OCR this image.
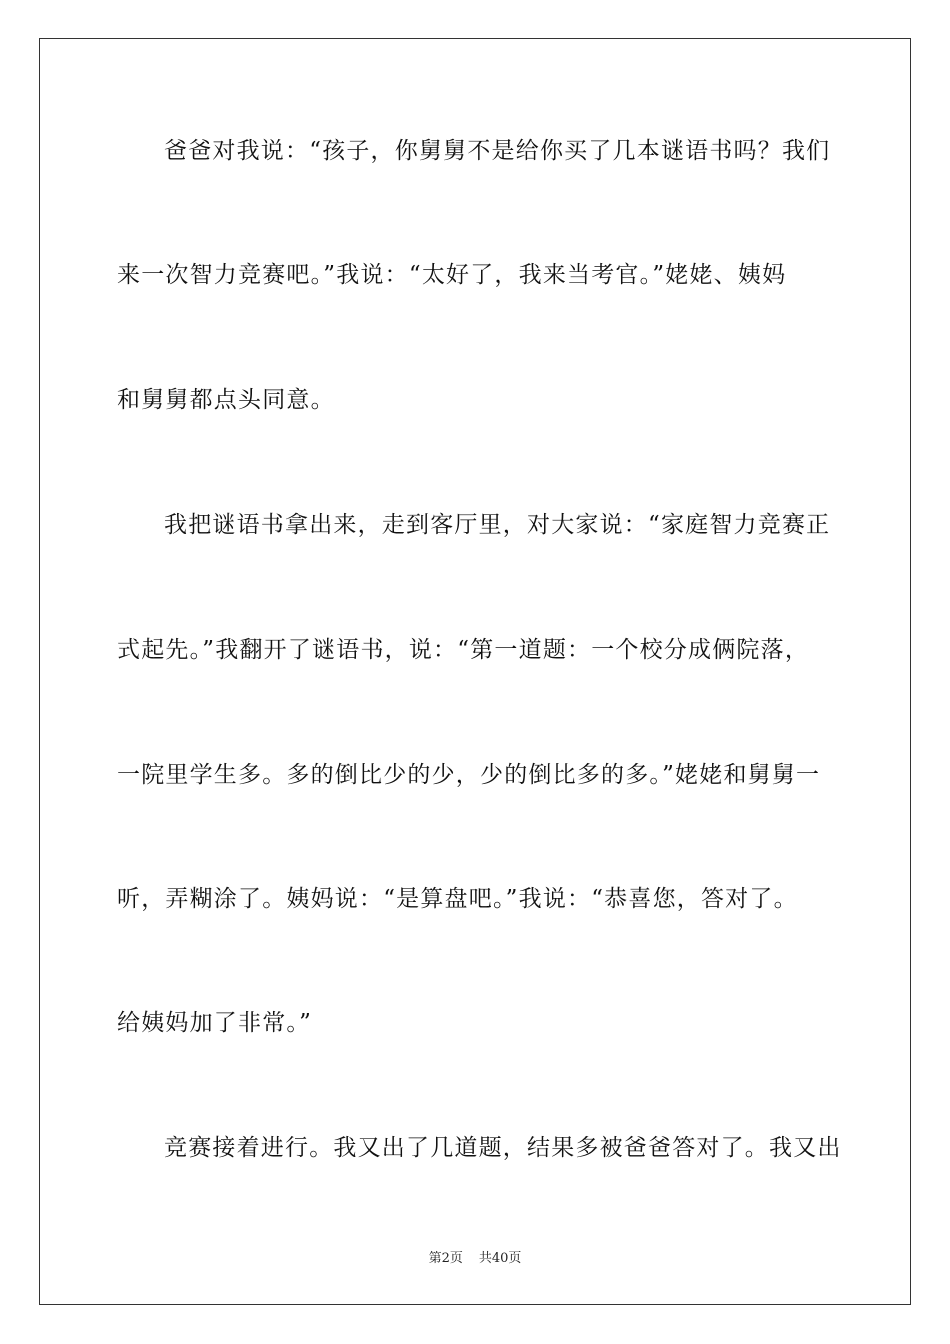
爸爸对我说：“孩子，你舅舅不是给你买了几本谜语书吗？我们

来一次智力竞赛吧。”我说：“太好了，我来当考官。”姥姥、姨妈

和舅舅都点头同意。

我把谜语书拿出来，走到客厅里，对大家说：“家庭智力竞赛正

式起先。”我翻开了谜语书，说：“第一道题：一个校分成俩院落，

一院里学生多。多的倒比少的少，少的倒比多的多。”姥姥和舅舅一

听，弄糊涂了。姨妈说：“是算盘吧。”我说：“恭喜您，答对了。

给姨妈加了非常。”

竞赛接着进行。我又出了几道题，结果多被爸爸答对了。我又出

第2页 共40页
